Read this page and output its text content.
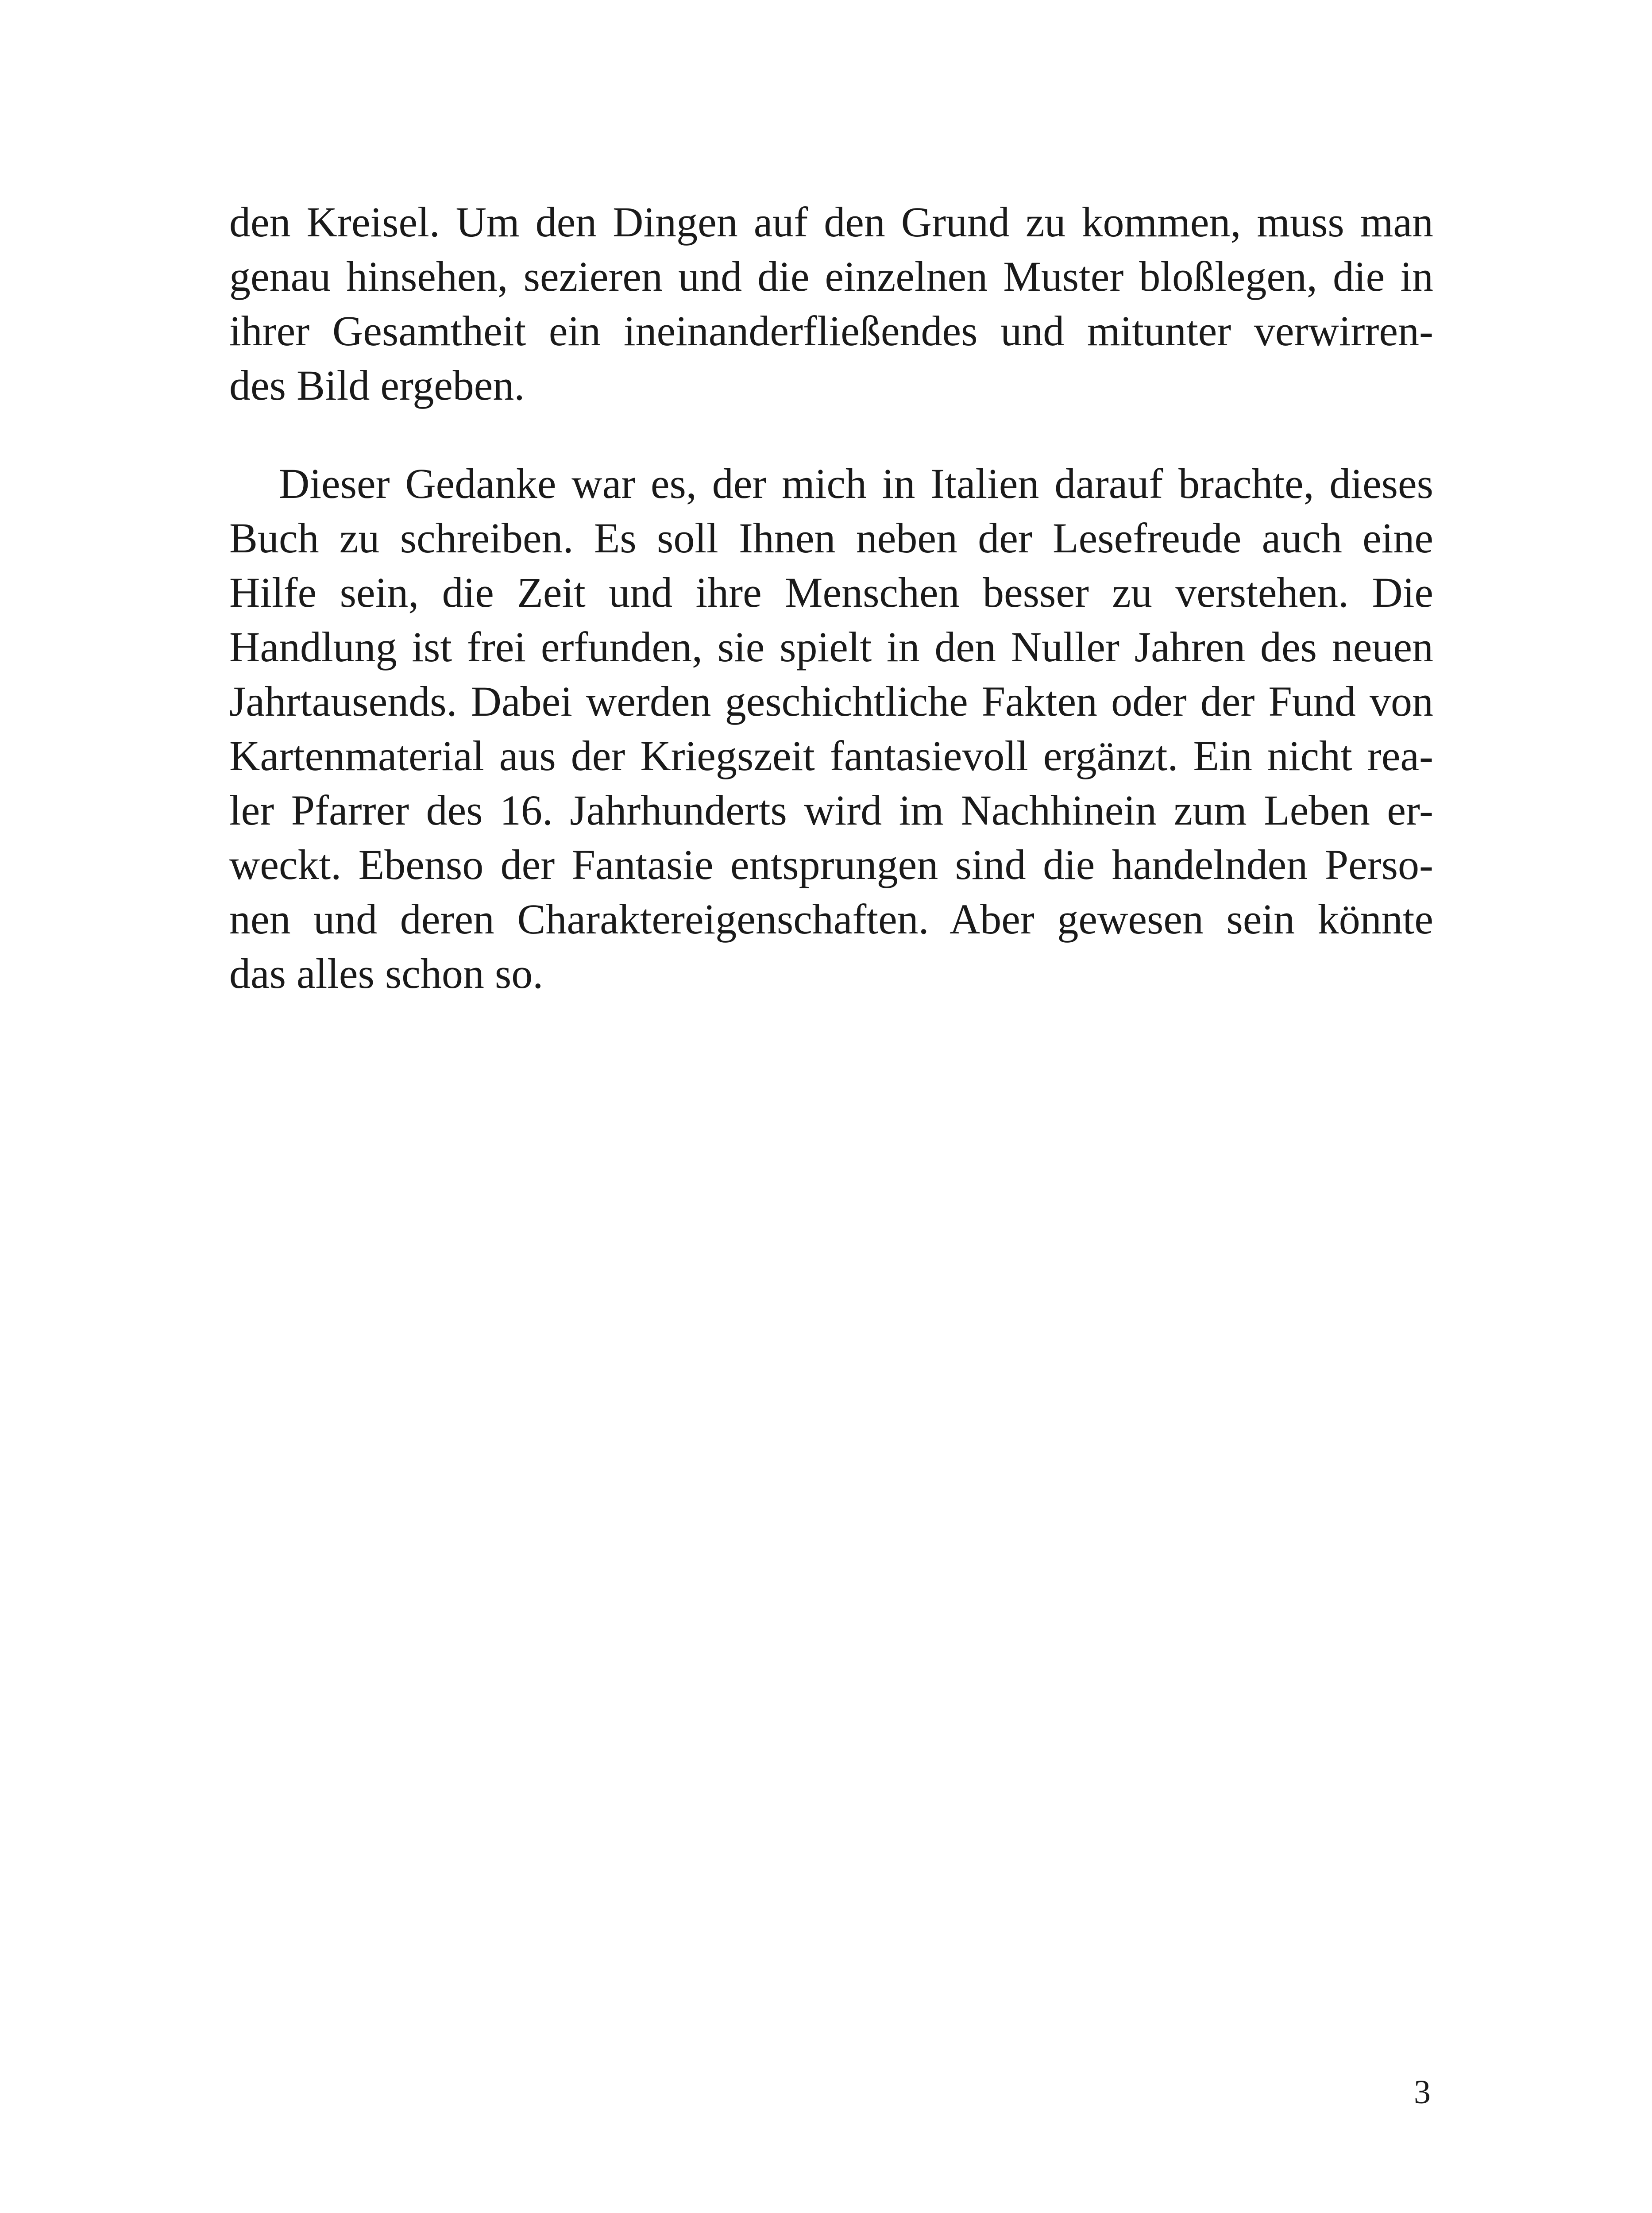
den Kreisel. Um den Dingen auf den Grund zu kommen, muss man
genau hinsehen, sezieren und die einzelnen Muster bloßlegen, die in
ihrer Gesamtheit ein ineinanderfließendes und mitunter verwirren-
des Bild ergeben.
Dieser Gedanke war es, der mich in Italien darauf brachte, dieses
Buch zu schreiben. Es soll Ihnen neben der Lesefreude auch eine
Hilfe sein, die Zeit und ihre Menschen besser zu verstehen. Die
Handlung ist frei erfunden, sie spielt in den Nuller Jahren des neuen
Jahrtausends. Dabei werden geschichtliche Fakten oder der Fund von
Kartenmaterial aus der Kriegszeit fantasievoll ergänzt. Ein nicht rea-
ler Pfarrer des 16. Jahrhunderts wird im Nachhinein zum Leben er-
weckt. Ebenso der Fantasie entsprungen sind die handelnden Perso-
nen und deren Charaktereigenschaften. Aber gewesen sein könnte
das alles schon so.
3
